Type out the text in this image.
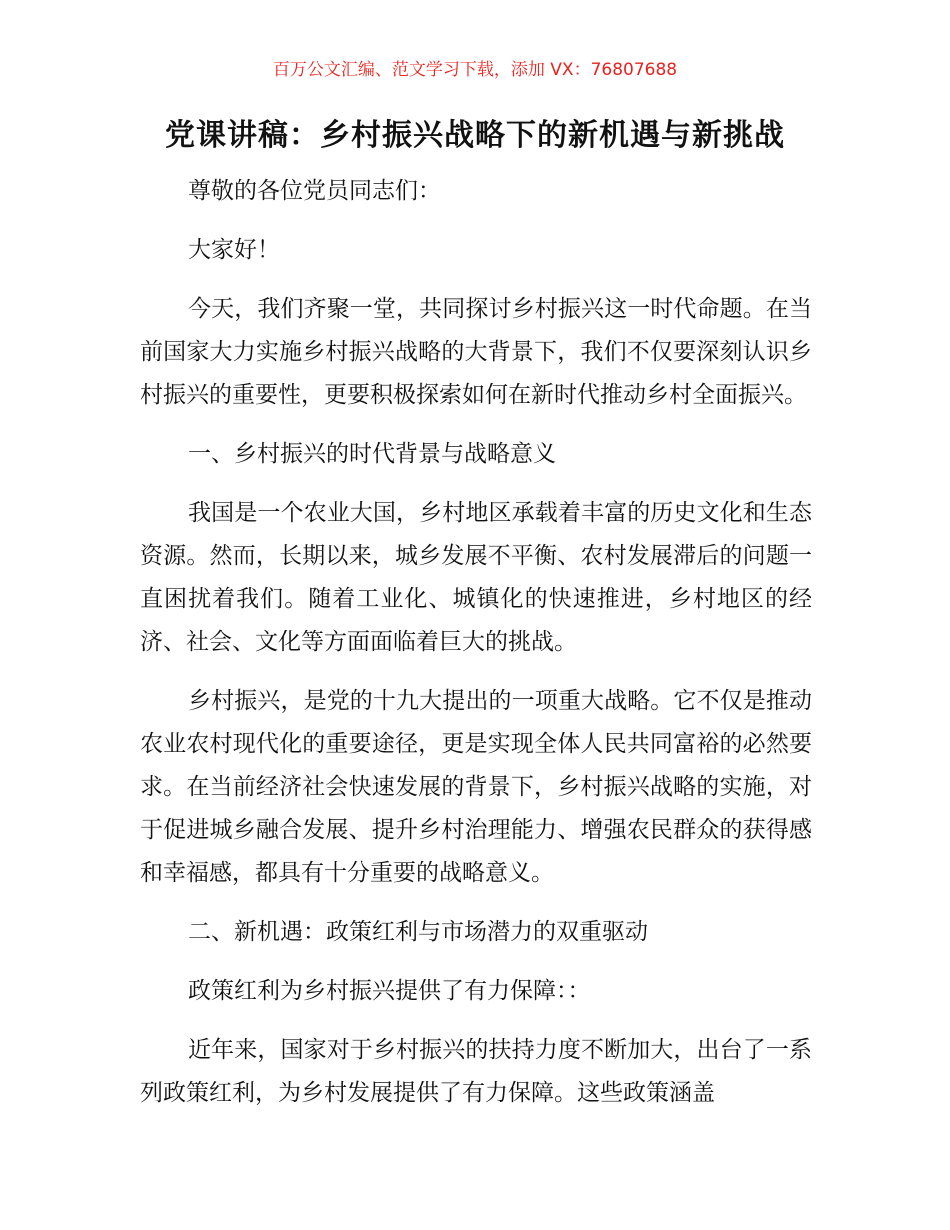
百万公文汇编、范文学习下载，添加 VX：76807688
党课讲稿：乡村振兴战略下的新机遇与新挑战

尊敬的各位党员同志们：

大家好！

今天，我们齐聚一堂，共同探讨乡村振兴这一时代命题。在当前国家大力实施乡村振兴战略的大背景下，我们不仅要深刻认识乡村振兴的重要性，更要积极探索如何在新时代推动乡村全面振兴。

一、乡村振兴的时代背景与战略意义

我国是一个农业大国，乡村地区承载着丰富的历史文化和生态资源。然而，长期以来，城乡发展不平衡、农村发展滞后的问题一直困扰着我们。随着工业化、城镇化的快速推进，乡村地区的经济、社会、文化等方面面临着巨大的挑战。

乡村振兴，是党的十九大提出的一项重大战略。它不仅是推动农业农村现代化的重要途径，更是实现全体人民共同富裕的必然要求。在当前经济社会快速发展的背景下，乡村振兴战略的实施，对于促进城乡融合发展、提升乡村治理能力、增强农民群众的获得感和幸福感，都具有十分重要的战略意义。

二、新机遇：政策红利与市场潜力的双重驱动

政策红利为乡村振兴提供了有力保障：：

近年来，国家对于乡村振兴的扶持力度不断加大，出台了一系列政策红利，为乡村发展提供了有力保障。这些政策涵盖
